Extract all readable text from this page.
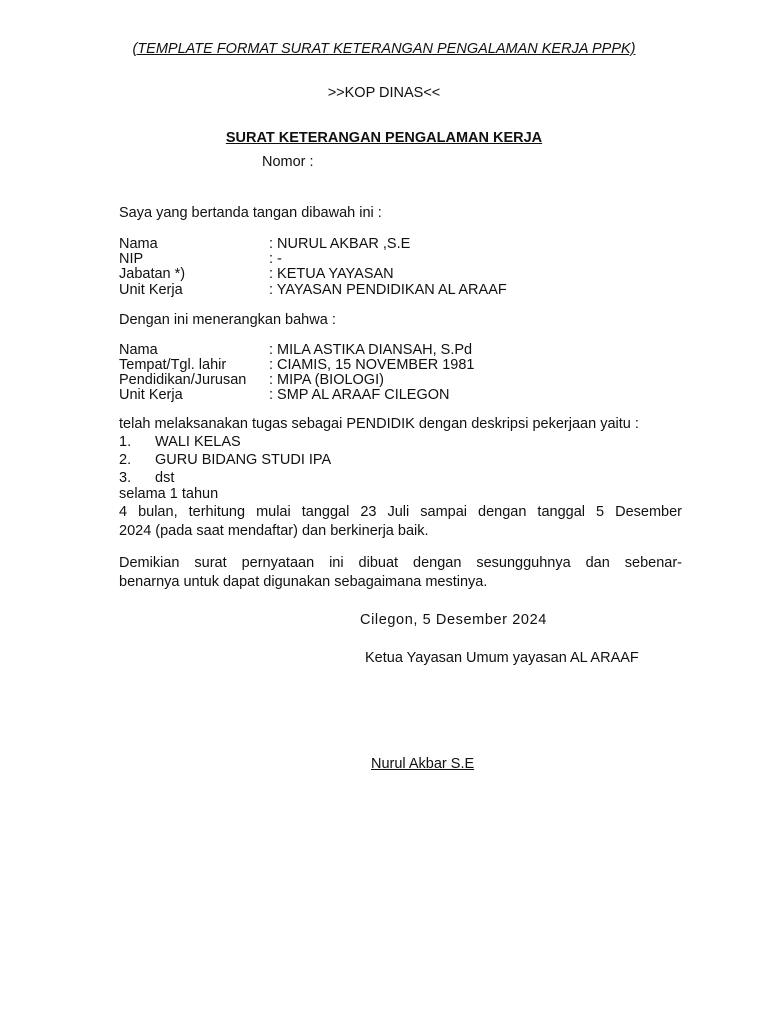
(TEMPLATE FORMAT SURAT KETERANGAN PENGALAMAN KERJA PPPK)
>>KOP DINAS<<
SURAT KETERANGAN PENGALAMAN KERJA
Nomor :
Saya yang bertanda tangan dibawah ini :
Nama	: NURUL AKBAR ,S.E
NIP	: -
Jabatan *)	: KETUA YAYASAN
Unit Kerja	: YAYASAN PENDIDIKAN AL ARAAF
Dengan ini menerangkan bahwa :
Nama	: MILA ASTIKA DIANSAH, S.Pd
Tempat/Tgl. lahir	: CIAMIS, 15 NOVEMBER 1981
Pendidikan/Jurusan : MIPA (BIOLOGI)
Unit Kerja	: SMP AL ARAAF CILEGON
telah melaksanakan tugas sebagai PENDIDIK dengan deskripsi pekerjaan yaitu :
1. WALI KELAS
2. GURU BIDANG STUDI IPA
3. dst
selama 1 tahun
4 bulan, terhitung mulai tanggal 23 Juli sampai dengan tanggal 5 Desember
2024 (pada saat mendaftar) dan berkinerja baik.
Demikian surat pernyataan ini dibuat dengan sesungguhnya dan sebenar-
benarnya untuk dapat digunakan sebagaimana mestinya.
Cilegon, 5 Desember 2024
Ketua Yayasan Umum yayasan AL ARAAF
Nurul Akbar S.E
